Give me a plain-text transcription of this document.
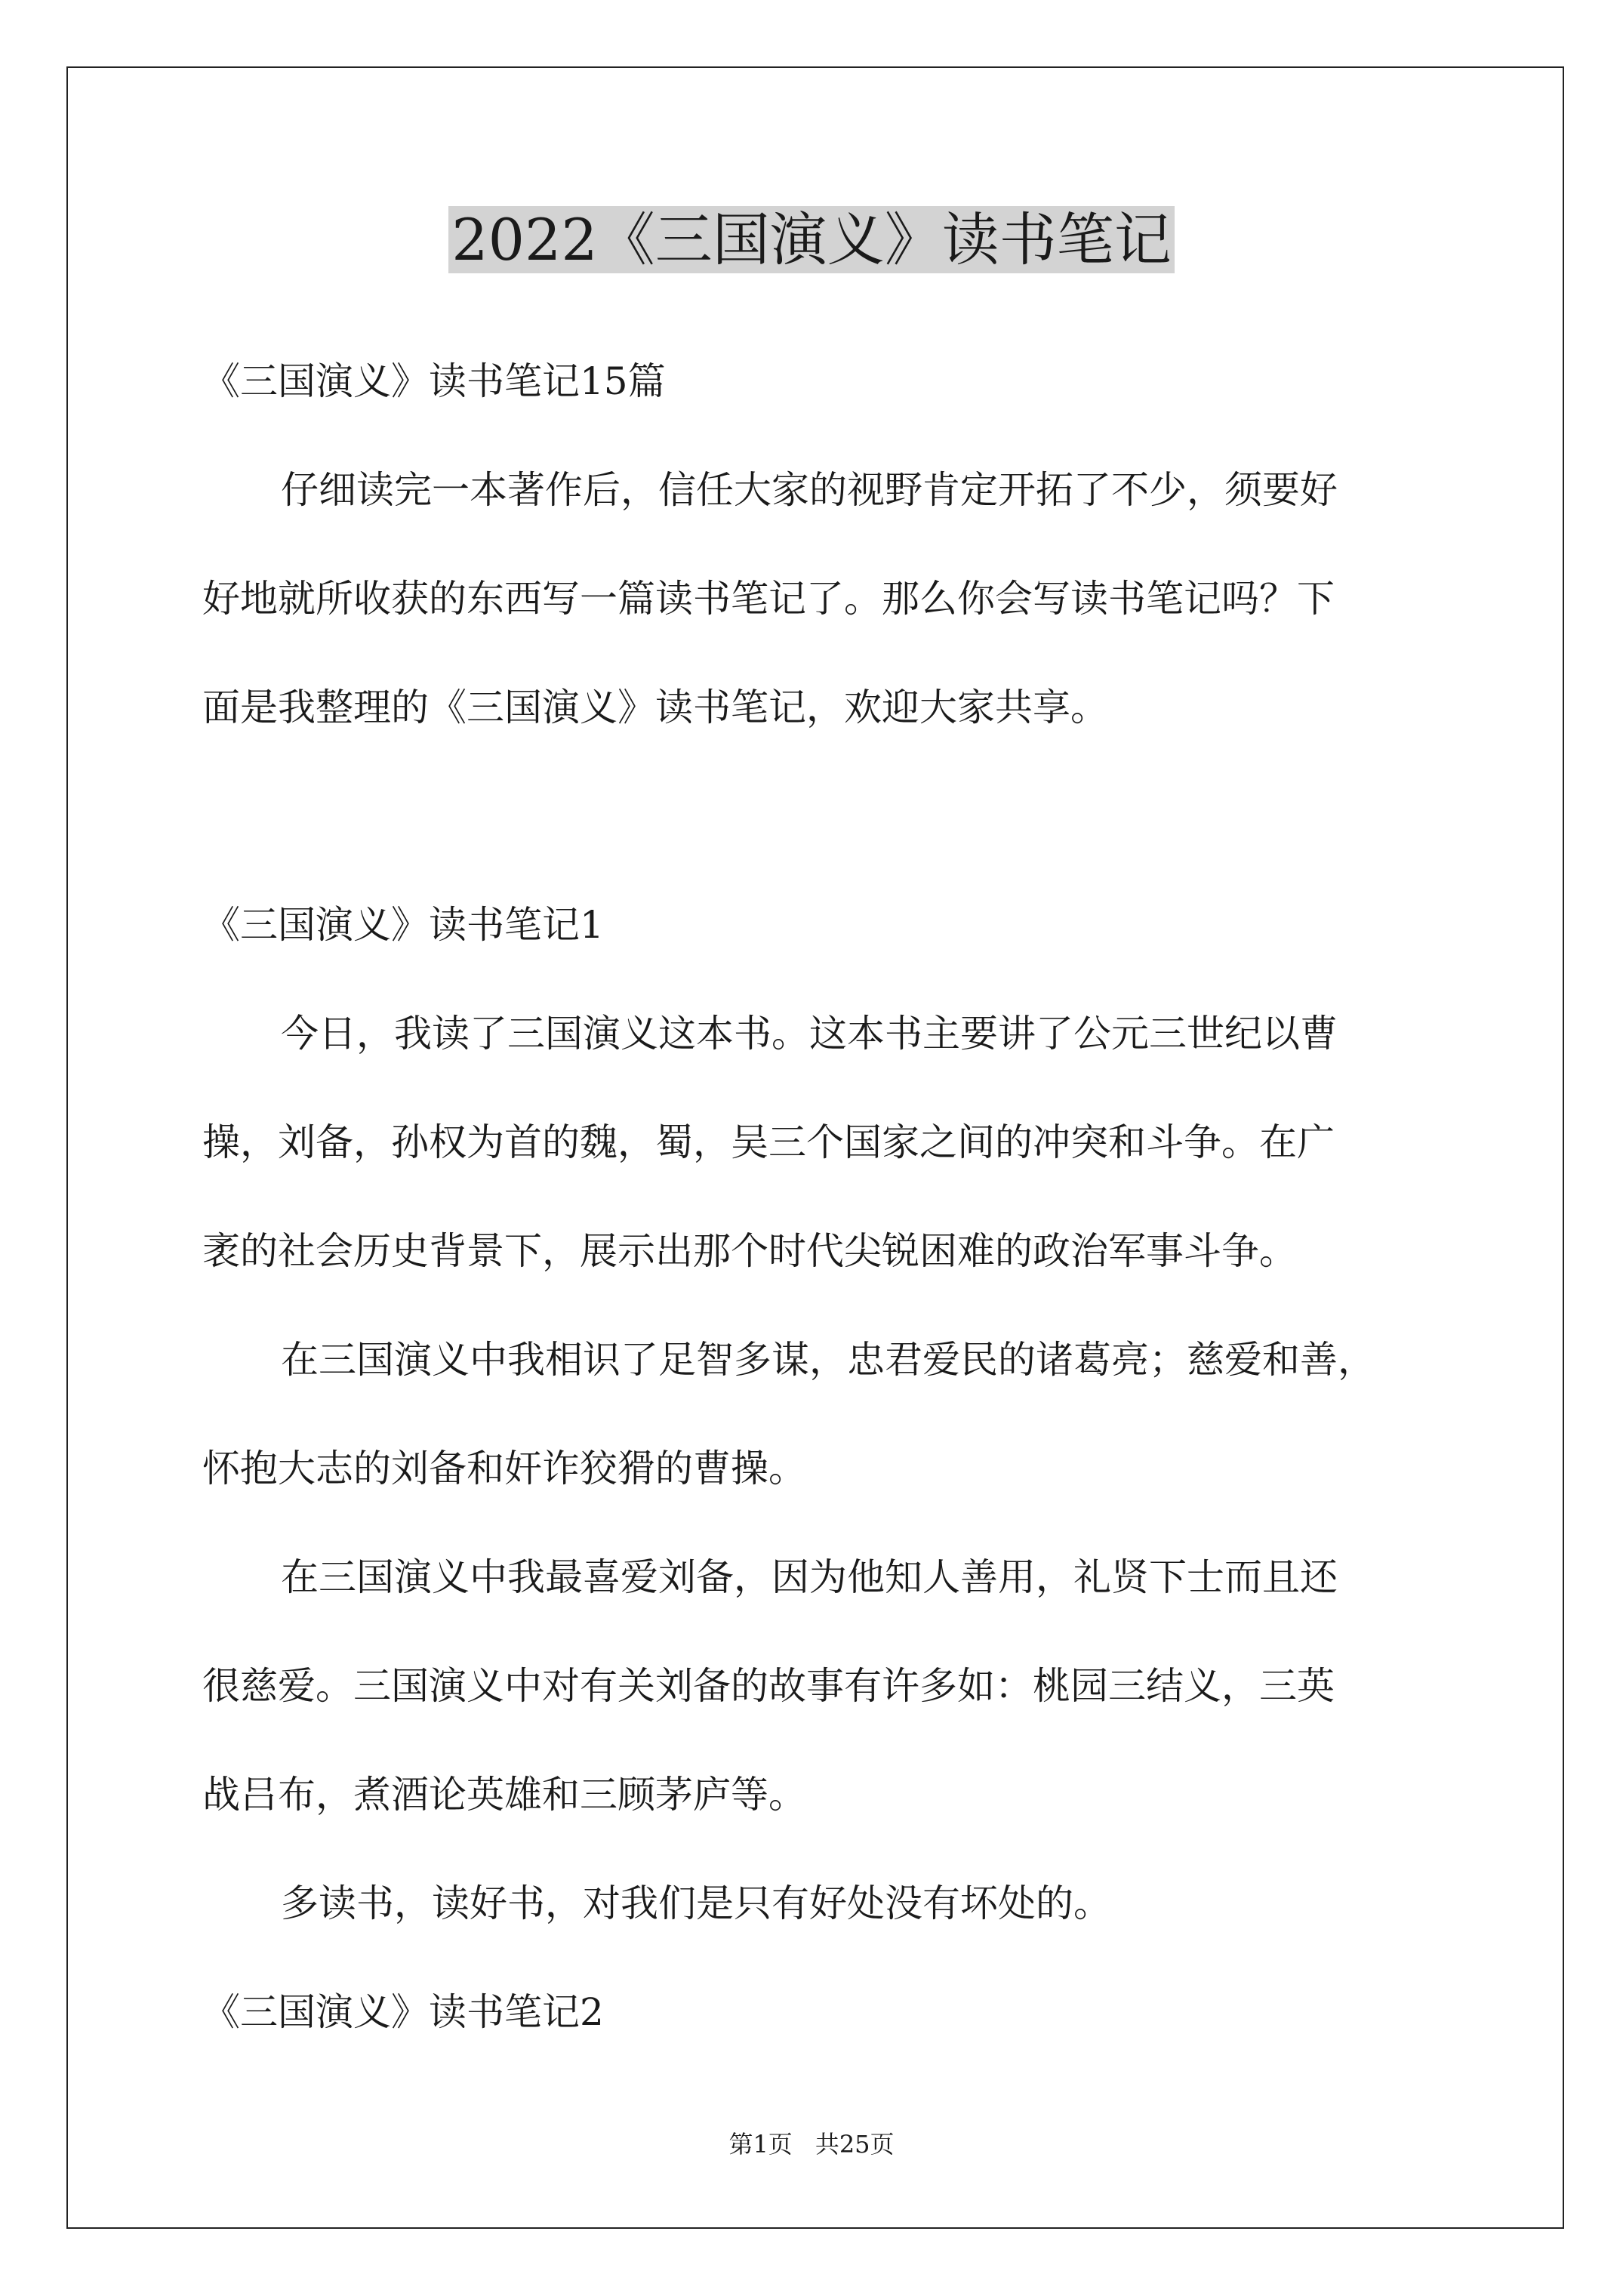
2022《三国演义》读书笔记

《三国演义》读书笔记15篇

仔细读完一本著作后，信任大家的视野肯定开拓了不少，须要好

好地就所收获的东西写一篇读书笔记了。那么你会写读书笔记吗？下

面是我整理的《三国演义》读书笔记，欢迎大家共享。

《三国演义》读书笔记1

今日，我读了三国演义这本书。这本书主要讲了公元三世纪以曹

操，刘备，孙权为首的魏，蜀，吴三个国家之间的冲突和斗争。在广

袤的社会历史背景下，展示出那个时代尖锐困难的政治军事斗争。

在三国演义中我相识了足智多谋，忠君爱民的诸葛亮；慈爱和善，

怀抱大志的刘备和奸诈狡猾的曹操。

在三国演义中我最喜爱刘备，因为他知人善用，礼贤下士而且还

很慈爱。三国演义中对有关刘备的故事有许多如：桃园三结义，三英

战吕布，煮酒论英雄和三顾茅庐等。

多读书，读好书，对我们是只有好处没有坏处的。

《三国演义》读书笔记2

第1页 共25页
